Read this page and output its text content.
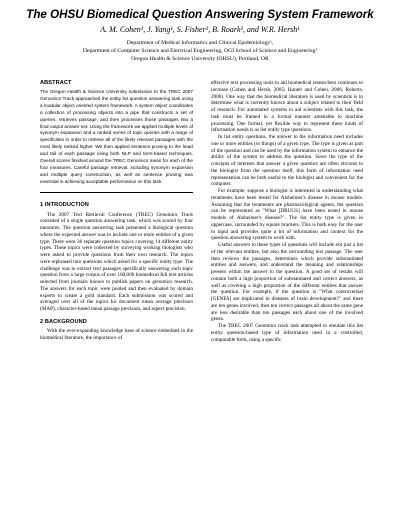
The OHSU Biomedical Question Answering System Framework
A. M. Cohen¹, J. Yang¹, S. Fisher², B. Roark², and W.R. Hersh¹
Department of Medical Informatics and Clinical Epidemiology¹,
Department of Computer Science and Electrical Engineering, OGI School of Science and Engineering²
Oregon Health & Science University (OHSU), Portland, OR

ABSTRACT

The Oregon Health & Science University submission to the TREC 2007 Genomics Track approached the entity list question answering task using a modular object oriented system framework. A system object coordinates a collection of processing objects into a pipe that constructs a set of queries, retrieves passage, and then processes those passages into a final output answer set. Using the framework we applied multiple levels of synonym expansion and a ranked series of topic queries with a range of specificities in order to retrieve all of the likely relevant passages with the most likely ranked higher. We then applied sentence pruning to the head and tail of each passage using both NLP and term-based techniques. Overall scores finished around the TREC Genomics mean for each of the four measures. Careful passage retrieval, including synonym expansion and multiple query construction, as well as sentence pruning was essential in achieving acceptable performance on this task.

1 INTRODUCTION

The 2007 Text Retrieval Conference (TREC) Genomics Track consisted of a single question answering task, which was scored by four measures. The question answering task presented a biological question where the expected answer was to include one or more entities of a given type. There were 36 separate question topics covering 14 different entity types. These topics were collected by surveying working biologists who were asked to provide questions from their own research. The topics were rephrased into questions which asked for a specific entity type. The challenge was to extract text passages specifically answering each topic question from a large corpus of over 160,000 biomedical full text articles selected from journals known to publish papers on genomics research. The answers for each topic were pooled and then evaluated by domain experts to create a gold standard. Each submission was scored and averaged over all of the topics for document mean average precision (MAP), character-based mean passage precision, and aspect precision.

2 BACKGROUND

With the ever-expanding knowledge base of science embedded in the biomedical literature, the importance of

effective text processing tools to aid biomedical researchers continues to increase (Cohen and Hersh, 2005; Hunter and Cohen, 2006; Roberts, 2006). One way that the biomedical literature is used by scientists is to determine what is currently known about a subject related to their field of research. For automated systems to aid scientists with this task, the task must be framed in a formal manner amenable to machine processing. One formal, yet flexible way to represent these kinds of information needs is as list entity type questions.

In list entity questions, the answer to the information need includes one or more entities (or things) of a given type. The type is given as part of the question and can be used by the information system to enhance the ability of the system to address the question. Since the type of the concepts of interests that answer a given question are often obvious to the biologist from the question itself, this form of information need representation can be both useful to the biologist and convenient for the computer.

For example, suppose a biologist is interested in understanding what treatments have been tested for Alzheimer's disease in mouse models. Assuming that the treatments are pharmacological agents, the question can be represented as "What [DRUGS] have been tested in mouse models of Alzheimer's disease?". The list entity type is given in uppercase, surrounded by square brackets. This is both easy for the user to input and provides quite a bit of information and context for the question answering system to work with.

Useful answers to these types of questions will include not just a list of the relevant entities, but also the surrounding text passage. The user then reviews the passages, determines which provide substantiated entities and answers, and understand the meaning and relationships present within the answer to the question. A good set of results will contain both a high proportion of substantiated and correct answers, as well as covering a high proportion of the different entities that answer the question. For example, if the question is "What controversial [GENES] are implicated in diseases of brain development?" and there are ten genes involved, then ten correct passages all about the same gene are less desirable than ten passages each about one of the involved genes.

The TREC 2007 Genomics track task attempted to emulate this list entity question-based type of information need in a controlled, comparable form, using a specific
